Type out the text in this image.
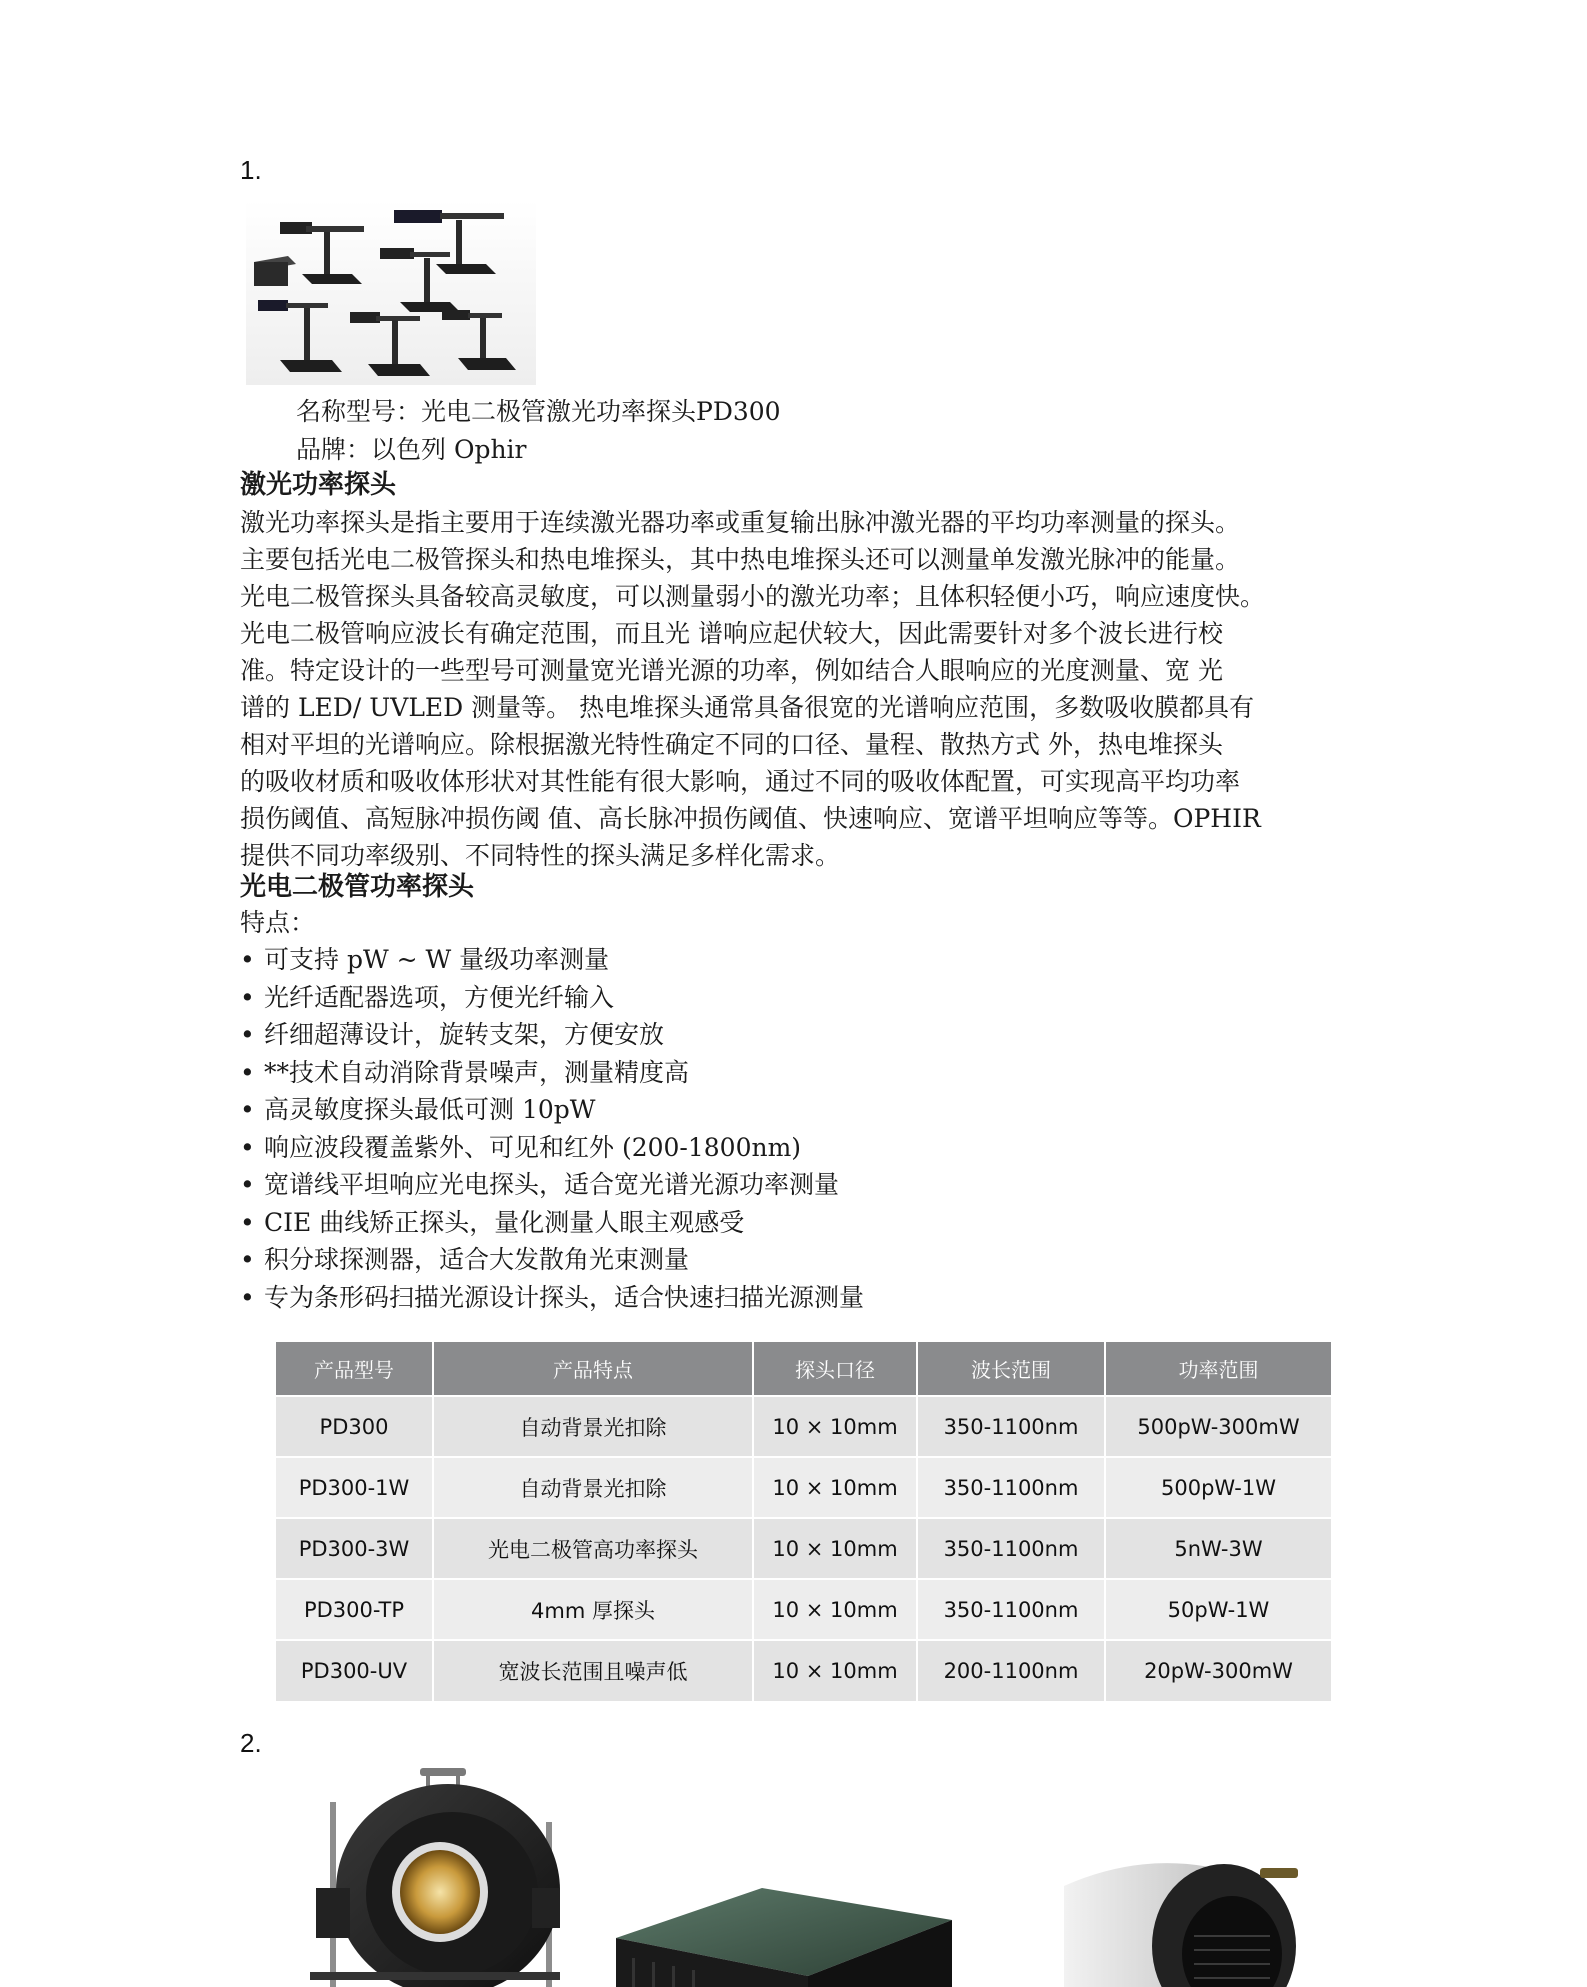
1.
名称型号：光电二极管激光功率探头PD300
品牌：以色列 Ophir
激光功率探头
激光功率探头是指主要用于连续激光器功率或重复输出脉冲激光器的平均功率测量的探头。
主要包括光电二极管探头和热电堆探头，其中热电堆探头还可以测量单发激光脉冲的能量。
光电二极管探头具备较高灵敏度，可以测量弱小的激光功率；且体积轻便小巧，响应速度快。
光电二极管响应波长有确定范围，而且光 谱响应起伏较大，因此需要针对多个波长进行校
准。特定设计的一些型号可测量宽光谱光源的功率，例如结合人眼响应的光度测量、宽 光
谱的 LED/ UVLED 测量等。 热电堆探头通常具备很宽的光谱响应范围，多数吸收膜都具有
相对平坦的光谱响应。除根据激光特性确定不同的口径、量程、散热方式 外，热电堆探头
的吸收材质和吸收体形状对其性能有很大影响，通过不同的吸收体配置，可实现高平均功率
损伤阈值、高短脉冲损伤阈 值、高长脉冲损伤阈值、快速响应、宽谱平坦响应等等。OPHIR
提供不同功率级别、不同特性的探头满足多样化需求。
光电二极管功率探头
特点：
• 可支持 pW ~ W 量级功率测量
• 光纤适配器选项，方便光纤输入
• 纤细超薄设计，旋转支架，方便安放
• **技术自动消除背景噪声，测量精度高
• 高灵敏度探头最低可测 10pW
• 响应波段覆盖紫外、可见和红外 (200-1800nm)
• 宽谱线平坦响应光电探头，适合宽光谱光源功率测量
• CIE 曲线矫正探头，量化测量人眼主观感受
• 积分球探测器，适合大发散角光束测量
• 专为条形码扫描光源设计探头，适合快速扫描光源测量
产品型号	产品特点	探头口径	波长范围	功率范围
PD300	自动背景光扣除	10 × 10mm	350-1100nm	500pW-300mW
PD300-1W	自动背景光扣除	10 × 10mm	350-1100nm	500pW-1W
PD300-3W	光电二极管高功率探头	10 × 10mm	350-1100nm	5nW-3W
PD300-TP	4mm 厚探头	10 × 10mm	350-1100nm	50pW-1W
PD300-UV	宽波长范围且噪声低	10 × 10mm	200-1100nm	20pW-300mW
2.
